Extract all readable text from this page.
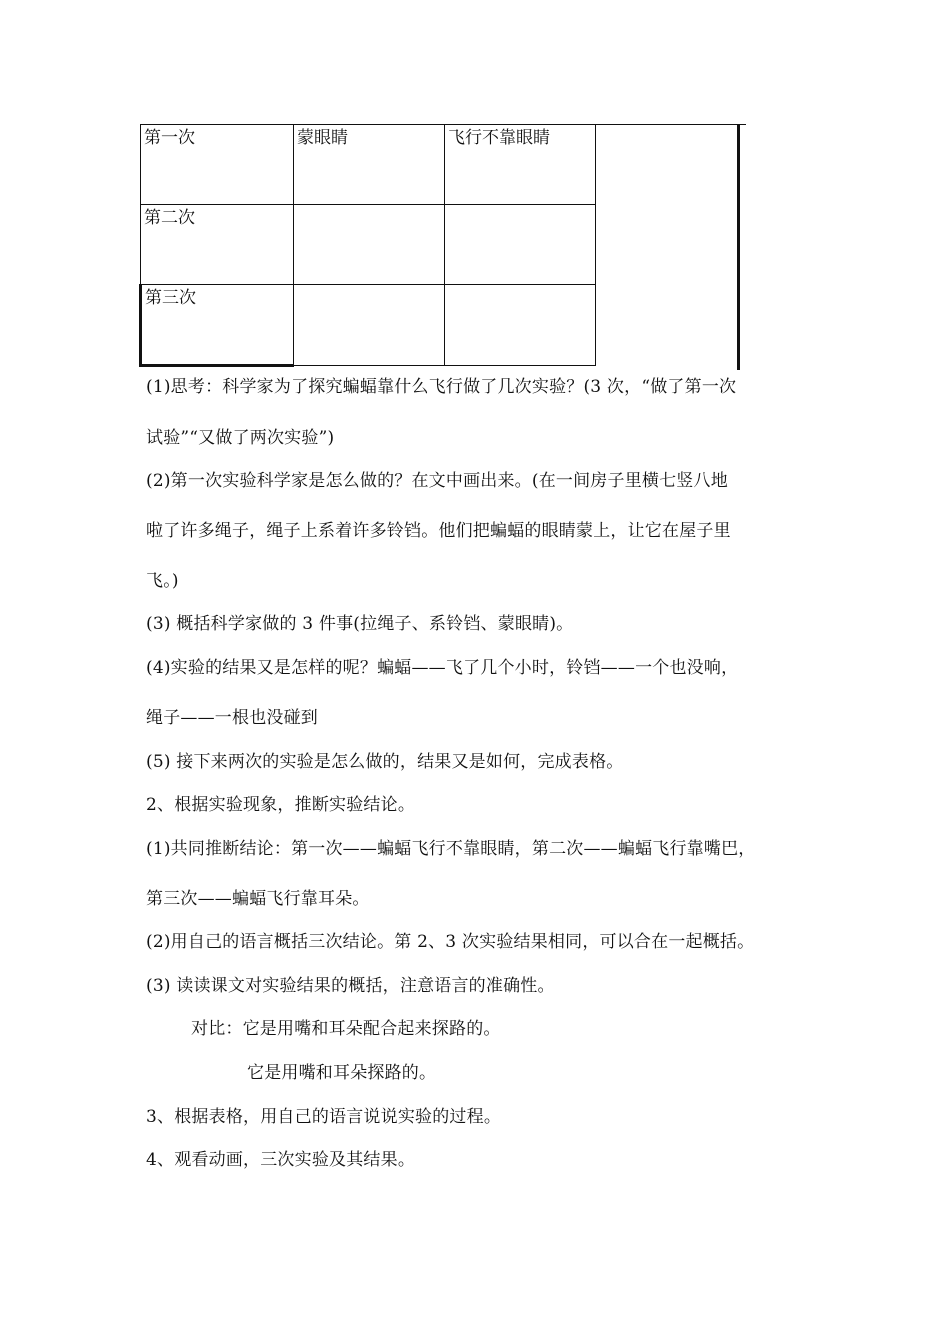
第一次	蒙眼睛	飞行不靠眼睛	
第二次			
第三次			
(1)思考：科学家为了探究蝙蝠靠什么飞行做了几次实验？(3 次，“做了第一次
试验”“又做了两次实验”)
(2)第一次实验科学家是怎么做的？在文中画出来。(在一间房子里横七竖八地
啦了许多绳子，绳子上系着许多铃铛。他们把蝙蝠的眼睛蒙上，让它在屋子里
飞。)
(3) 概括科学家做的 3 件事(拉绳子、系铃铛、蒙眼睛)。
(4)实验的结果又是怎样的呢？蝙蝠——飞了几个小时，铃铛——一个也没响，
绳子——一根也没碰到
(5) 接下来两次的实验是怎么做的，结果又是如何，完成表格。
2、根据实验现象，推断实验结论。
(1)共同推断结论：第一次——蝙蝠飞行不靠眼睛，第二次——蝙蝠飞行靠嘴巴，
第三次——蝙蝠飞行靠耳朵。
(2)用自己的语言概括三次结论。第 2、3 次实验结果相同，可以合在一起概括。
(3) 读读课文对实验结果的概括，注意语言的准确性。
对比：它是用嘴和耳朵配合起来探路的。
它是用嘴和耳朵探路的。
3、根据表格，用自己的语言说说实验的过程。
4、观看动画，三次实验及其结果。
